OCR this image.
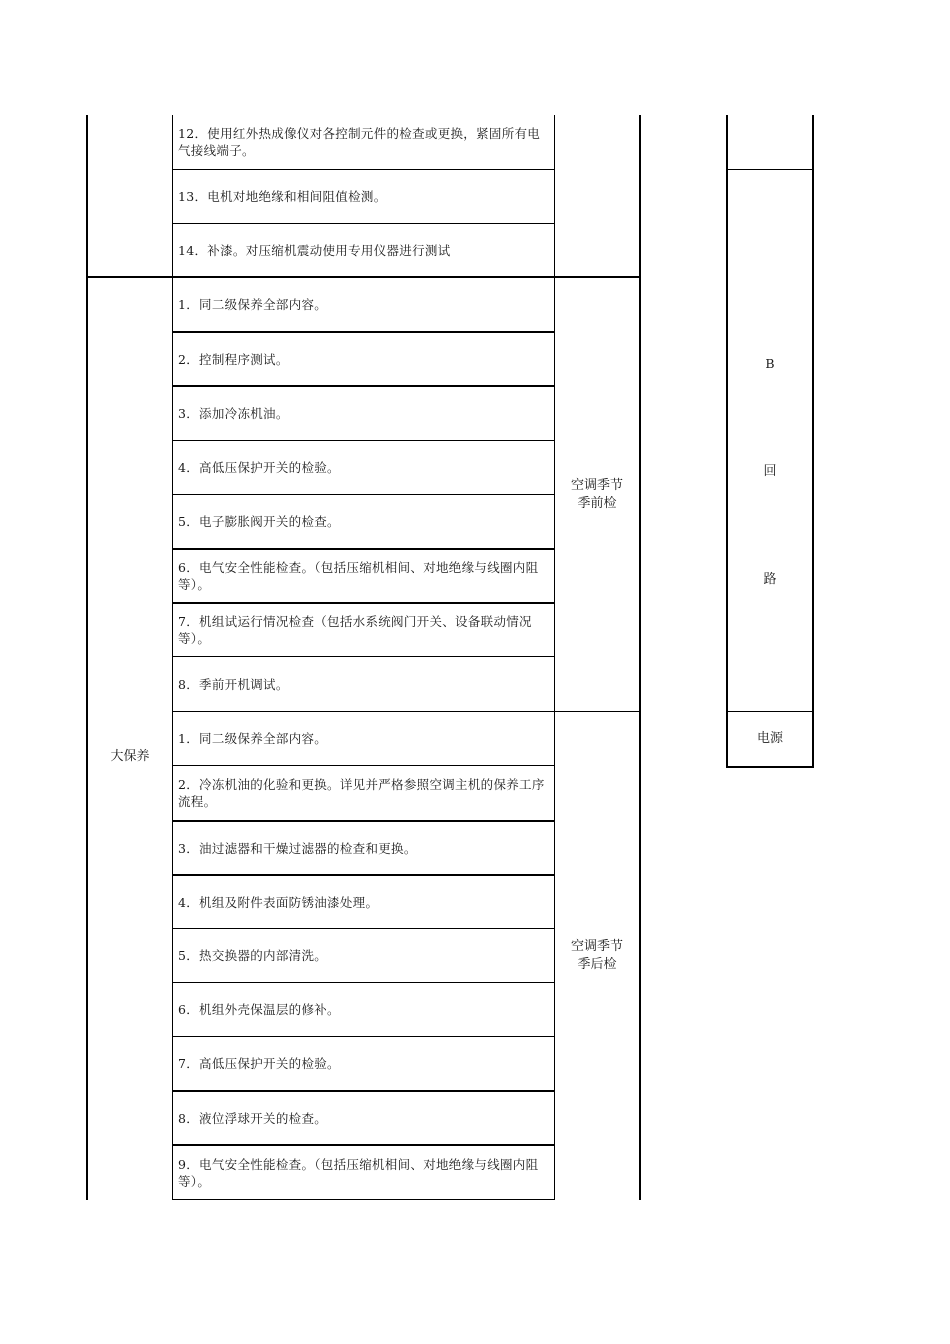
12．使用红外热成像仪对各控制元件的检查或更换，紧固所有电气接线端子。
13．电机对地绝缘和相间阻值检测。
14．补漆。对压缩机震动使用专用仪器进行测试
大保养
1．同二级保养全部内容。
2．控制程序测试。
3．添加冷冻机油。
4．高低压保护开关的检验。
5．电子膨胀阀开关的检查。
6．电气安全性能检查。（包括压缩机相间、对地绝缘与线圈内阻等）。
7．机组试运行情况检查（包括水系统阀门开关、设备联动情况等）。
8．季前开机调试。
空调季节季前检
1．同二级保养全部内容。
2．冷冻机油的化验和更换。详见并严格参照空调主机的保养工序流程。
3．油过滤器和干燥过滤器的检查和更换。
4．机组及附件表面防锈油漆处理。
5．热交换器的内部清洗。
6．机组外壳保温层的修补。
7．高低压保护开关的检验。
8．液位浮球开关的检查。
9．电气安全性能检查。（包括压缩机相间、对地绝缘与线圈内阻等）。
空调季节季后检
B
回
路
电源
